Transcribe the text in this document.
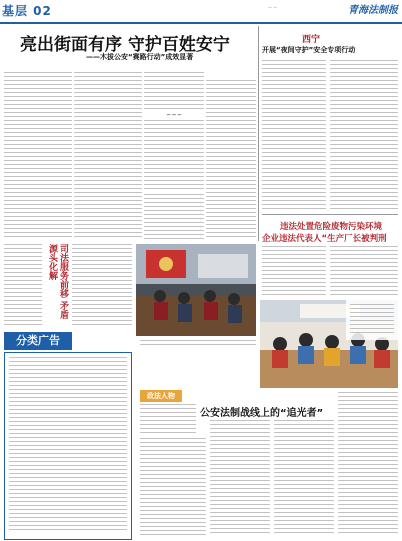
基层 02	— —	青海法制报
亮出街面有序 守护百姓安宁
——木拔公安“赛路行动”成效显著
— — —
西宁
开展“夜间守护”安全专项行动
违法处置危险废物污染环境
企业违法代表人“生产厂长被判刑
司法服务前移 矛盾源头化解
分类广告
政法人物
公安法制战线上的“追光者”
